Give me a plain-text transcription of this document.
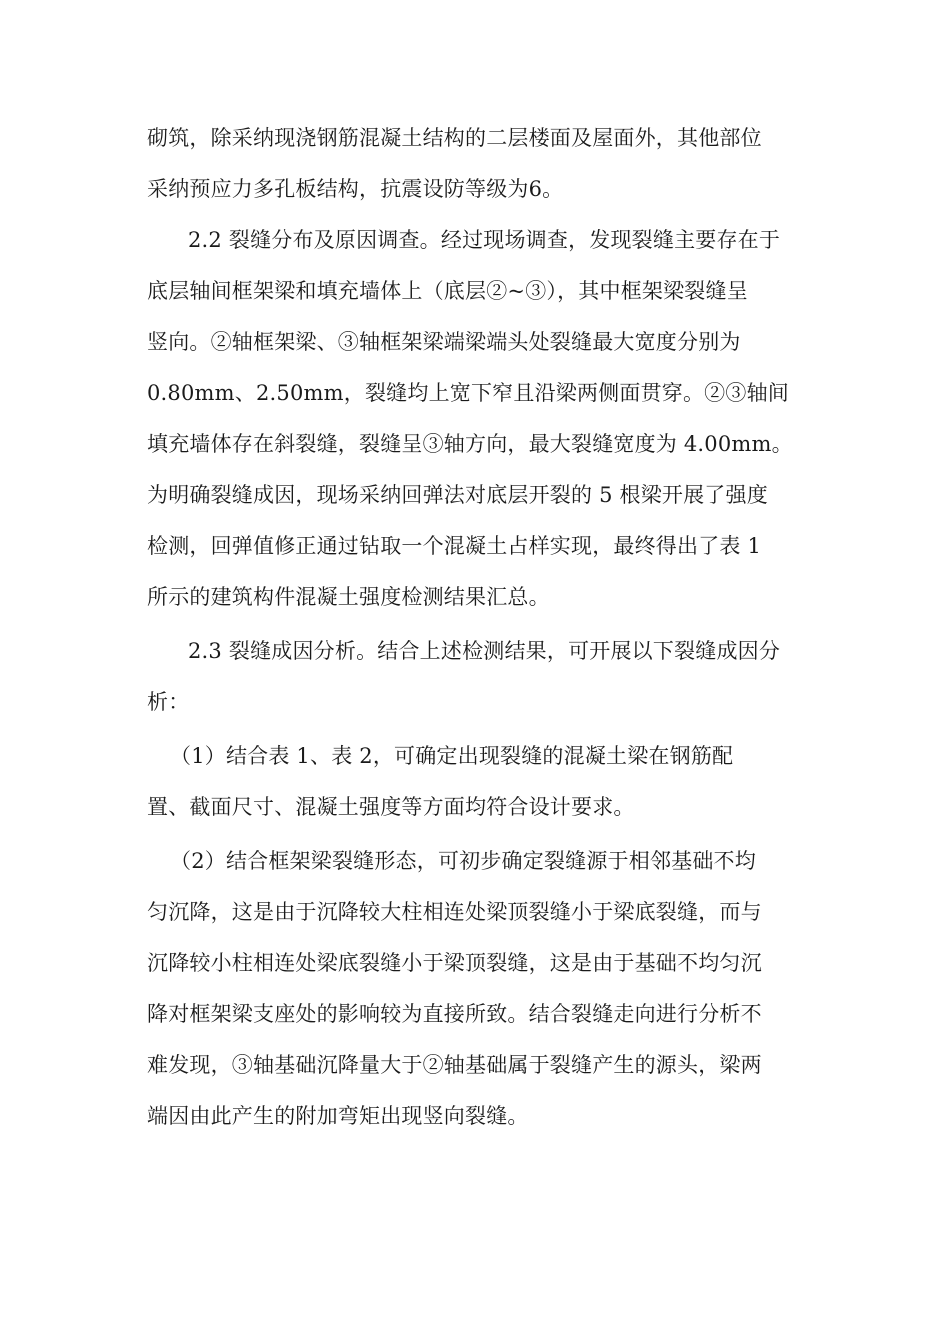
砌筑，除采纳现浇钢筋混凝土结构的二层楼面及屋面外，其他部位
采纳预应力多孔板结构，抗震设防等级为6。
2.2 裂缝分布及原因调查。经过现场调查，发现裂缝主要存在于
底层轴间框架梁和填充墙体上（底层②~③），其中框架梁裂缝呈
竖向。②轴框架梁、③轴框架梁端梁端头处裂缝最大宽度分别为
0.80mm、2.50mm，裂缝均上宽下窄且沿梁两侧面贯穿。②③轴间
填充墙体存在斜裂缝，裂缝呈③轴方向，最大裂缝宽度为 4.00mm。
为明确裂缝成因，现场采纳回弹法对底层开裂的 5 根梁开展了强度
检测，回弹值修正通过钻取一个混凝土占样实现，最终得出了表 1
所示的建筑构件混凝土强度检测结果汇总。
2.3 裂缝成因分析。结合上述检测结果，可开展以下裂缝成因分
析：
（1）结合表 1、表 2，可确定出现裂缝的混凝土梁在钢筋配
置、截面尺寸、混凝土强度等方面均符合设计要求。
（2）结合框架梁裂缝形态，可初步确定裂缝源于相邻基础不均
匀沉降，这是由于沉降较大柱相连处梁顶裂缝小于梁底裂缝，而与
沉降较小柱相连处梁底裂缝小于梁顶裂缝，这是由于基础不均匀沉
降对框架梁支座处的影响较为直接所致。结合裂缝走向进行分析不
难发现，③轴基础沉降量大于②轴基础属于裂缝产生的源头，梁两
端因由此产生的附加弯矩出现竖向裂缝。
